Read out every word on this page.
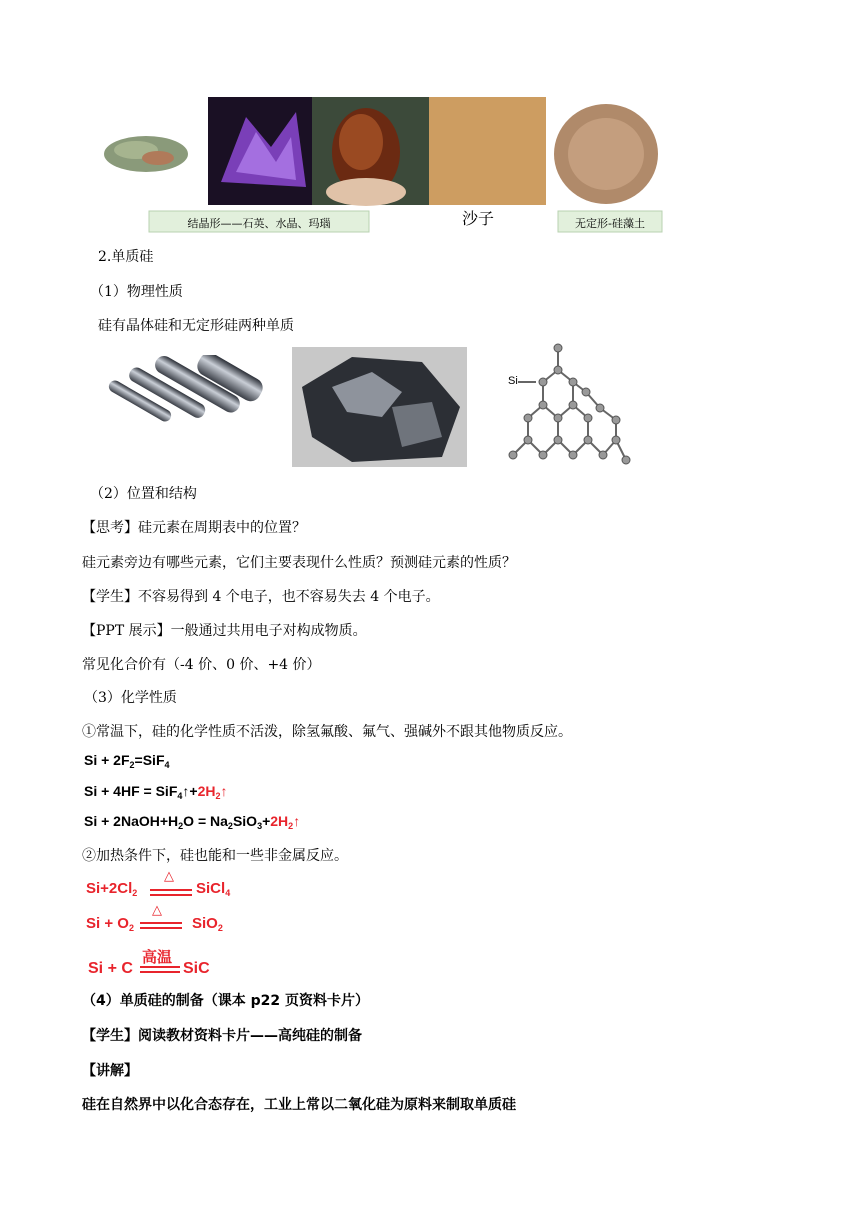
结晶形——石英、水晶、玛瑙	沙子	无定形-硅藻土
2.单质硅
（1）物理性质
硅有晶体硅和无定形硅两种单质
Si
（2）位置和结构
【思考】硅元素在周期表中的位置？
硅元素旁边有哪些元素，它们主要表现什么性质？预测硅元素的性质？
【学生】不容易得到 4 个电子，也不容易失去 4 个电子。
【PPT 展示】一般通过共用电子对构成物质。
常见化合价有（-4 价、0 价、+4 价）
（3）化学性质
①常温下，硅的化学性质不活泼，除氢氟酸、氟气、强碱外不跟其他物质反应。
$Si + 2F_2=SiF_4$
$Si + 4HF = SiF_4↑+2H_2↑$
$Si + 2NaOH+H_2O$ = $Na_2SiO_3+2H_2↑$
②加热条件下，硅也能和一些非金属反应。
$Si+2Cl_2$
△
SiCl$_4$
$Si + O_2$
△
SiO$_2$
Si + C
高温
SiC
（4）单质硅的制备（课本 p22 页资料卡片）
【学生】阅读教材资料卡片——高纯硅的制备
【讲解】
硅在自然界中以化合态存在，工业上常以二氧化硅为原料来制取单质硅
